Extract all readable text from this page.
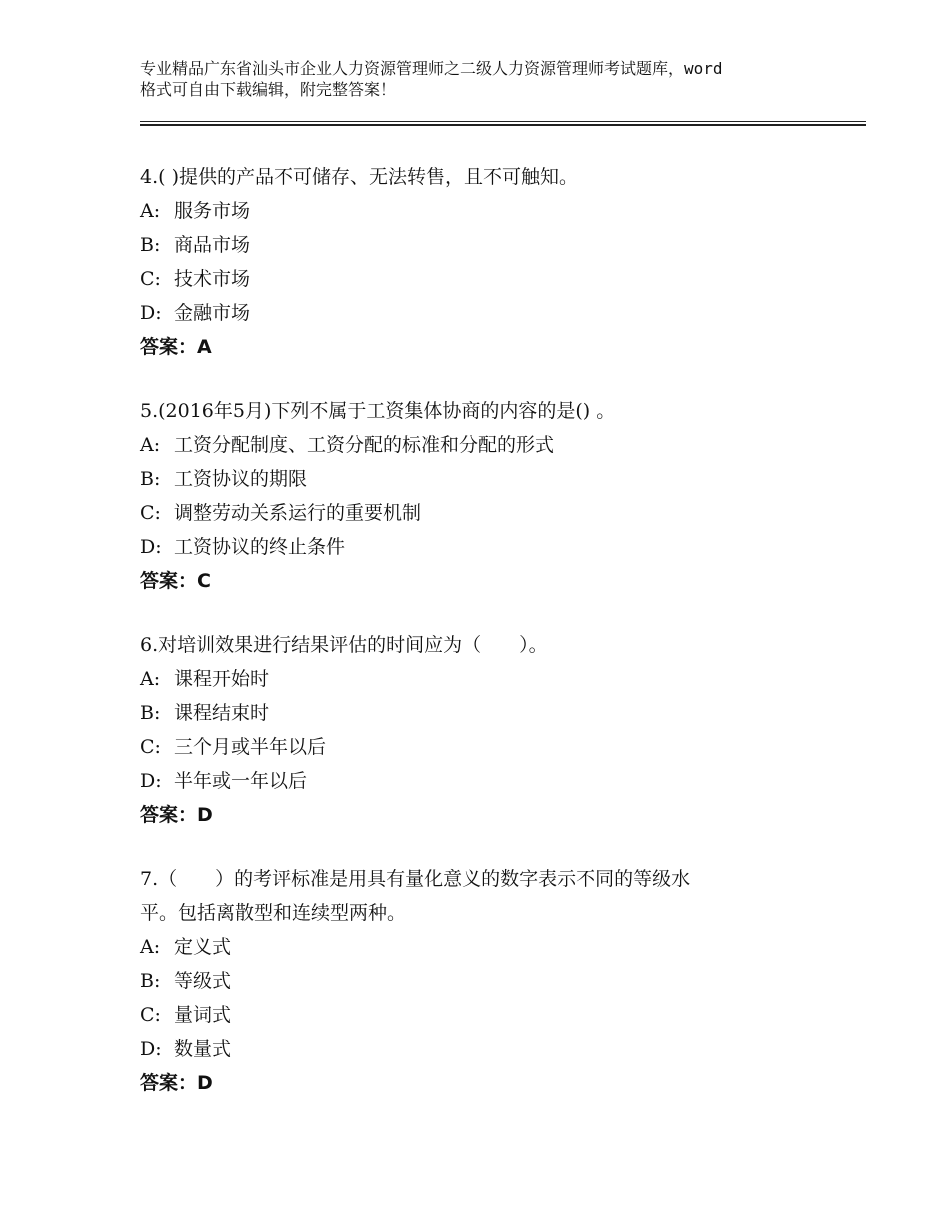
专业精品广东省汕头市企业人力资源管理师之二级人力资源管理师考试题库，word
格式可自由下载编辑，附完整答案！

4.( )提供的产品不可储存、无法转售，且不可触知。

A: 服务市场

B: 商品市场

C: 技术市场

D: 金融市场

答案：A

5.(2016年5月)下列不属于工资集体协商的内容的是() 。

A: 工资分配制度、工资分配的标准和分配的形式

B: 工资协议的期限

C: 调整劳动关系运行的重要机制

D: 工资协议的终止条件

答案：C

6.对培训效果进行结果评估的时间应为（　　）。

A: 课程开始时

B: 课程结束时

C: 三个月或半年以后

D: 半年或一年以后

答案：D

7.（　　）的考评标准是用具有量化意义的数字表示不同的等级水

平。包括离散型和连续型两种。

A: 定义式

B: 等级式

C: 量词式

D: 数量式

答案：D
